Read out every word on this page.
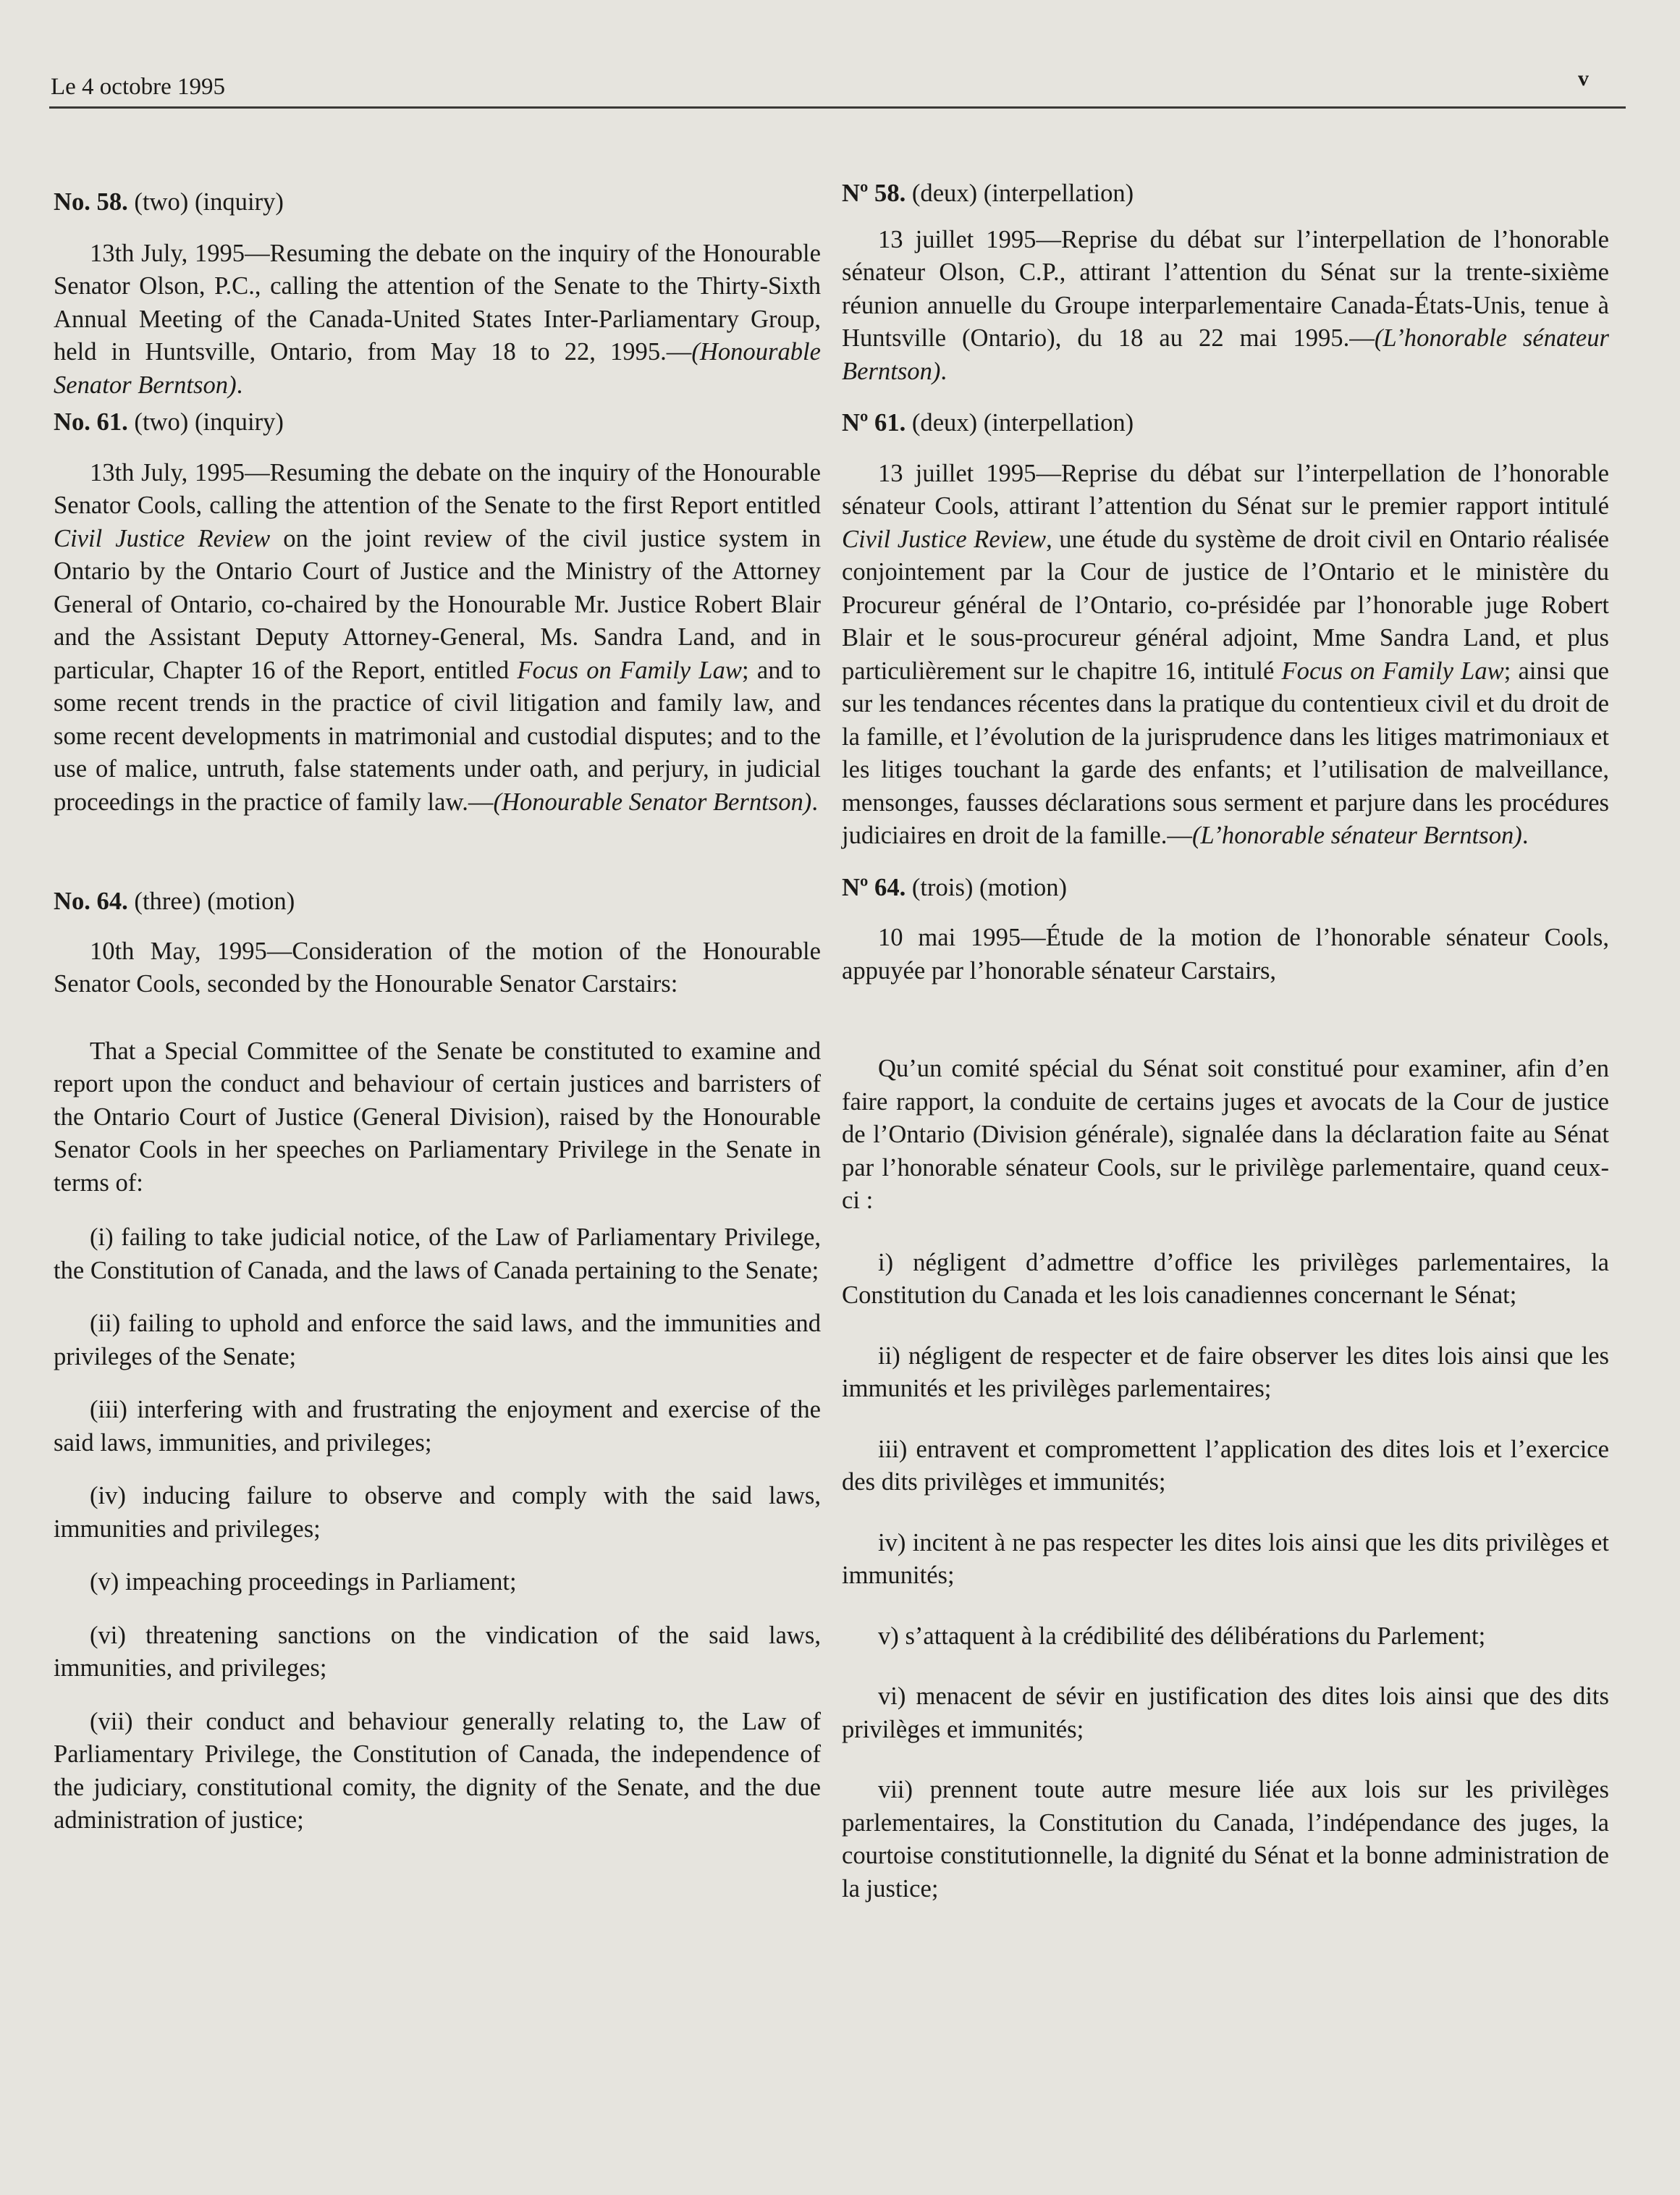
Le 4 octobre 1995	v

No. 58. (two) (inquiry)

13th July, 1995—Resuming the debate on the inquiry of the Honourable Senator Olson, P.C., calling the attention of the Senate to the Thirty-Sixth Annual Meeting of the Canada-United States Inter-Parliamentary Group, held in Huntsville, Ontario, from May 18 to 22, 1995.—(Honourable Senator Berntson).

No. 61. (two) (inquiry)

13th July, 1995—Resuming the debate on the inquiry of the Honourable Senator Cools, calling the attention of the Senate to the first Report entitled Civil Justice Review on the joint review of the civil justice system in Ontario by the Ontario Court of Justice and the Ministry of the Attorney General of Ontario, co-chaired by the Honourable Mr. Justice Robert Blair and the Assistant Deputy Attorney-General, Ms. Sandra Land, and in particular, Chapter 16 of the Report, entitled Focus on Family Law; and to some recent trends in the practice of civil litigation and family law, and some recent developments in matrimonial and custodial disputes; and to the use of malice, untruth, false statements under oath, and perjury, in judicial proceedings in the practice of family law.—(Honourable Senator Berntson).

No. 64. (three) (motion)

10th May, 1995—Consideration of the motion of the Honourable Senator Cools, seconded by the Honourable Senator Carstairs:

That a Special Committee of the Senate be constituted to examine and report upon the conduct and behaviour of certain justices and barristers of the Ontario Court of Justice (General Division), raised by the Honourable Senator Cools in her speeches on Parliamentary Privilege in the Senate in terms of:

(i) failing to take judicial notice, of the Law of Parliamentary Privilege, the Constitution of Canada, and the laws of Canada pertaining to the Senate;

(ii) failing to uphold and enforce the said laws, and the immunities and privileges of the Senate;

(iii) interfering with and frustrating the enjoyment and exercise of the said laws, immunities, and privileges;

(iv) inducing failure to observe and comply with the said laws, immunities and privileges;

(v) impeaching proceedings in Parliament;

(vi) threatening sanctions on the vindication of the said laws, immunities, and privileges;

(vii) their conduct and behaviour generally relating to, the Law of Parliamentary Privilege, the Constitution of Canada, the independence of the judiciary, constitutional comity, the dignity of the Senate, and the due administration of justice;

Nº 58. (deux) (interpellation)

13 juillet 1995—Reprise du débat sur l’interpellation de l’honorable sénateur Olson, C.P., attirant l’attention du Sénat sur la trente-sixième réunion annuelle du Groupe interparlementaire Canada-États-Unis, tenue à Huntsville (Ontario), du 18 au 22 mai 1995.—(L’honorable sénateur Berntson).

Nº 61. (deux) (interpellation)

13 juillet 1995—Reprise du débat sur l’interpellation de l’honorable sénateur Cools, attirant l’attention du Sénat sur le premier rapport intitulé Civil Justice Review, une étude du système de droit civil en Ontario réalisée conjointement par la Cour de justice de l’Ontario et le ministère du Procureur général de l’Ontario, co-présidée par l’honorable juge Robert Blair et le sous-procureur général adjoint, Mme Sandra Land, et plus particulièrement sur le chapitre 16, intitulé Focus on Family Law; ainsi que sur les tendances récentes dans la pratique du contentieux civil et du droit de la famille, et l’évolution de la jurisprudence dans les litiges matrimoniaux et les litiges touchant la garde des enfants; et l’utilisation de malveillance, mensonges, fausses déclarations sous serment et parjure dans les procédures judiciaires en droit de la famille.—(L’honorable sénateur Berntson).

Nº 64. (trois) (motion)

10 mai 1995—Étude de la motion de l’honorable sénateur Cools, appuyée par l’honorable sénateur Carstairs,

Qu’un comité spécial du Sénat soit constitué pour examiner, afin d’en faire rapport, la conduite de certains juges et avocats de la Cour de justice de l’Ontario (Division générale), signalée dans la déclaration faite au Sénat par l’honorable sénateur Cools, sur le privilège parlementaire, quand ceux-ci :

i) négligent d’admettre d’office les privilèges parlementaires, la Constitution du Canada et les lois canadiennes concernant le Sénat;

ii) négligent de respecter et de faire observer les dites lois ainsi que les immunités et les privilèges parlementaires;

iii) entravent et compromettent l’application des dites lois et l’exercice des dits privilèges et immunités;

iv) incitent à ne pas respecter les dites lois ainsi que les dits privilèges et immunités;

v) s’attaquent à la crédibilité des délibérations du Parlement;

vi) menacent de sévir en justification des dites lois ainsi que des dits privilèges et immunités;

vii) prennent toute autre mesure liée aux lois sur les privilèges parlementaires, la Constitution du Canada, l’indépendance des juges, la courtoise constitutionnelle, la dignité du Sénat et la bonne administration de la justice;
